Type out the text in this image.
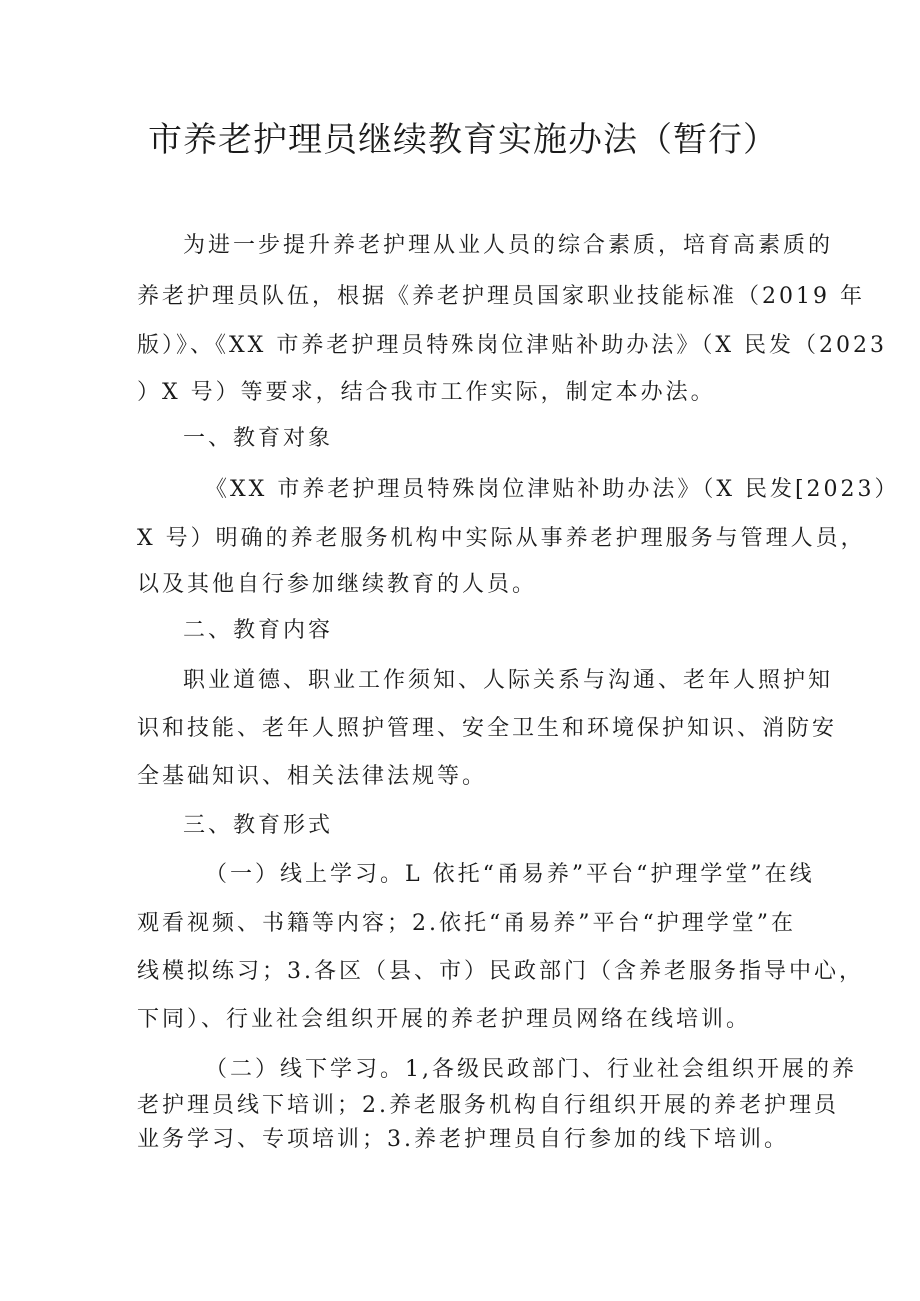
市养老护理员继续教育实施办法（暂行）
为进一步提升养老护理从业人员的综合素质，培育高素质的
养老护理员队伍，根据《养老护理员国家职业技能标准（2019 年
版）》、《XX 市养老护理员特殊岗位津贴补助办法》（X 民发（2023
）X 号）等要求，结合我市工作实际，制定本办法。
一、教育对象
《XX 市养老护理员特殊岗位津贴补助办法》（X 民发[2023）
X 号）明确的养老服务机构中实际从事养老护理服务与管理人员，
以及其他自行参加继续教育的人员。
二、教育内容
职业道德、职业工作须知、人际关系与沟通、老年人照护知
识和技能、老年人照护管理、安全卫生和环境保护知识、消防安
全基础知识、相关法律法规等。
三、教育形式
（一）线上学习。L 依托“甬易养”平台“护理学堂”在线
观看视频、书籍等内容；2.依托“甬易养”平台“护理学堂”在
线模拟练习；3.各区（县、市）民政部门（含养老服务指导中心，
下同）、行业社会组织开展的养老护理员网络在线培训。
（二）线下学习。1,各级民政部门、行业社会组织开展的养
老护理员线下培训；2.养老服务机构自行组织开展的养老护理员
业务学习、专项培训；3.养老护理员自行参加的线下培训。
